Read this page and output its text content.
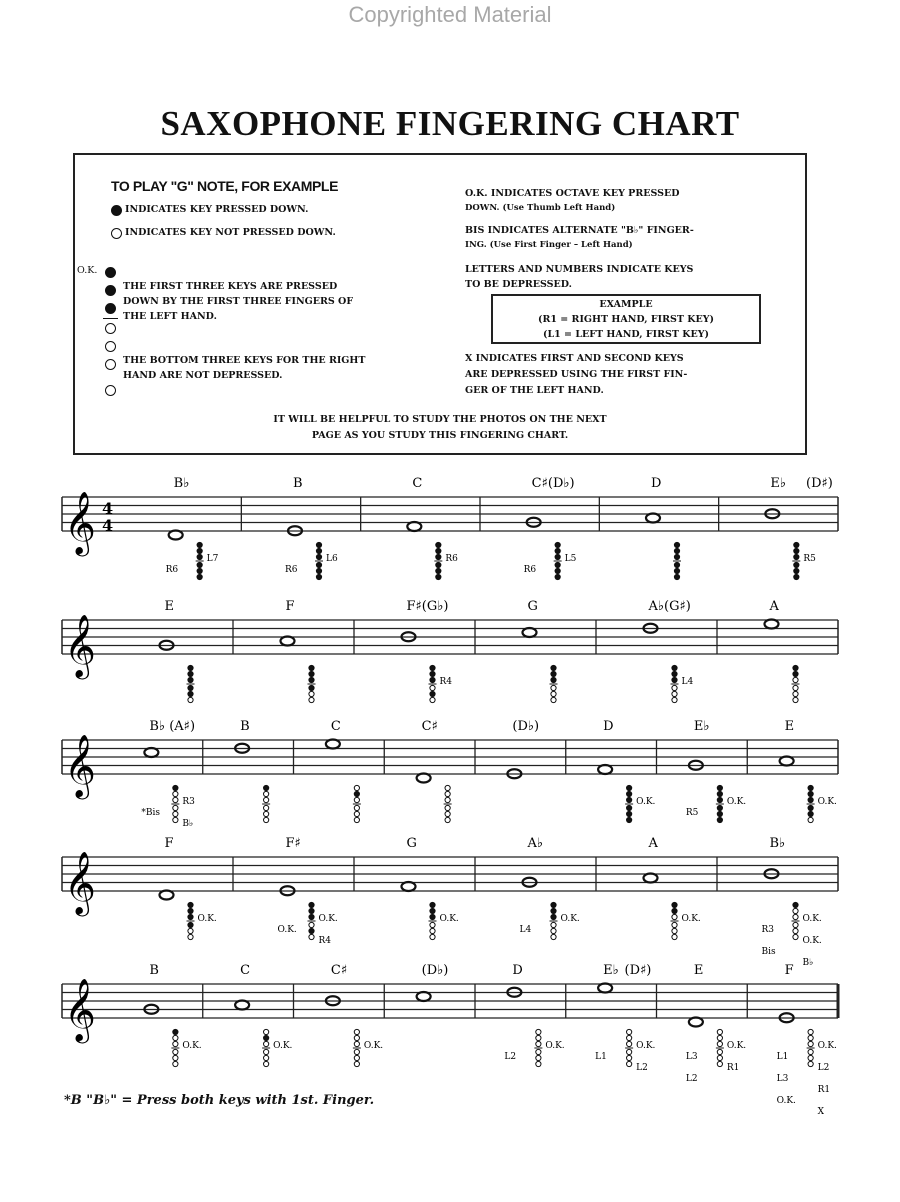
Copyrighted Material
SAXOPHONE FINGERING CHART
TO PLAY "G" NOTE, FOR EXAMPLE
INDICATES KEY PRESSED DOWN.
INDICATES KEY NOT PRESSED DOWN.
O.K.
THE FIRST THREE KEYS ARE PRESSED
DOWN BY THE FIRST THREE FINGERS OF
THE LEFT HAND.
THE BOTTOM THREE KEYS FOR THE RIGHT
HAND ARE NOT DEPRESSED.
O.K. INDICATES OCTAVE KEY PRESSED
DOWN. (Use Thumb Left Hand)
BIS INDICATES ALTERNATE "B♭" FINGER-
ING. (Use First Finger – Left Hand)
LETTERS AND NUMBERS INDICATE KEYS
TO BE DEPRESSED.
EXAMPLE
(R1 = RIGHT HAND, FIRST KEY)
(L1 = LEFT HAND, FIRST KEY)
X INDICATES FIRST AND SECOND KEYS
ARE DEPRESSED USING THE FIRST FIN-
GER OF THE LEFT HAND.
IT WILL BE HELPFUL TO STUDY THE PHOTOS ON THE NEXT
PAGE AS YOU STUDY THIS FINGERING CHART.
𝄞 4
4
B♭
L7
R6
B
L6
R6
C
R6
C♯(D♭)
L5
R6
D	E♭ (D♯)
R5
𝄞
E	F	F♯(G♭)
R4
G	A♭(G♯)
L4
A
𝄞
B♭ (A♯)
R3
*Bis
B♭
B	C	C♯	(D♭)	D
O.K.
E♭
O.K.
R5
E
O.K.
𝄞
F
O.K.
F♯
O.K.
O.K.
R4
G
O.K.
A♭
O.K.
L4
A
O.K.
B♭
O.K.
R3
O.K.
Bis
B♭
𝄞
B
O.K.
C
O.K.
C♯
O.K.
(D♭)	D
O.K.
L2
E♭ (D♯)
O.K.
L1
L2
E
O.K.
L3
R1
L2
F
O.K.
L1
L2
L3
R1
O.K.
X
*B "B♭" = Press both keys with 1st. Finger.
